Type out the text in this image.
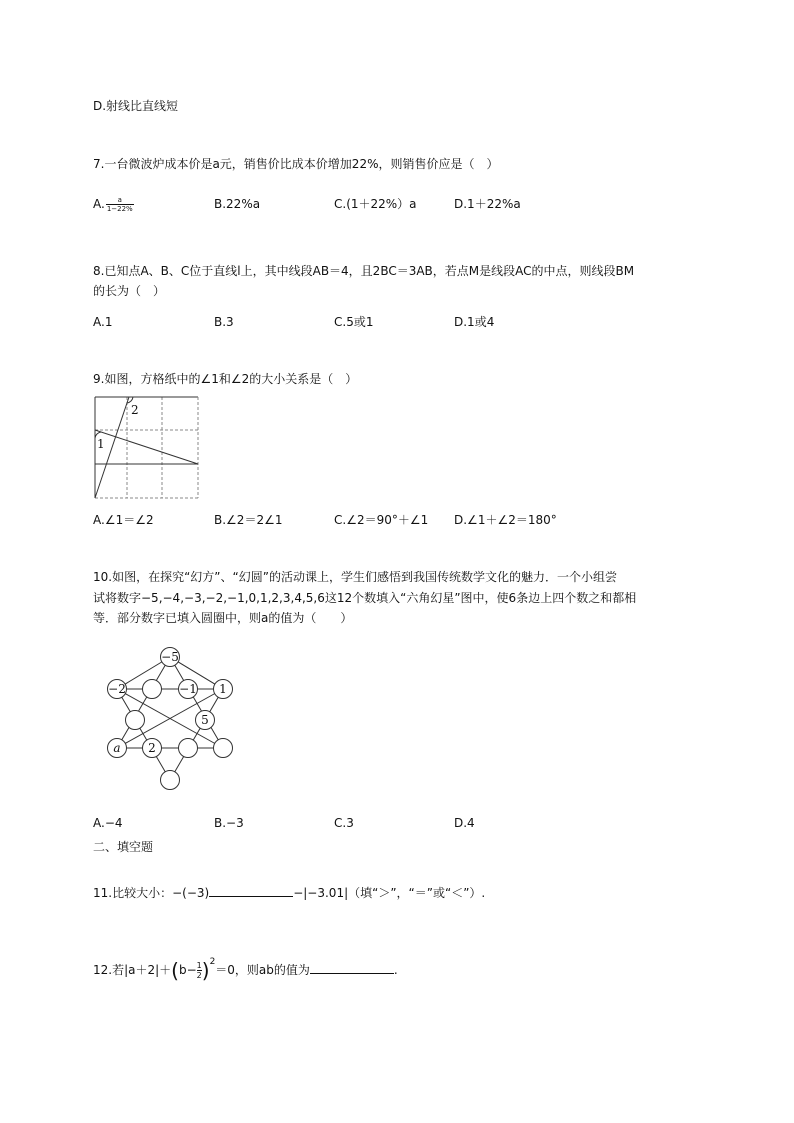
D.射线比直线短
7.一台微波炉成本价是a元，销售价比成本价增加22%，则销售价应是（　）
A. $\frac{a}{1-22\%}$	B.22%a	C.(1＋22%）a	D.1＋22%a
8.已知点A、B、C位于直线l上，其中线段AB＝4，且2BC＝3AB，若点M是线段AC的中点，则线段BM
的长为（　）
A.1	B.3	C.5或1	D.1或4
9.如图，方格纸中的∠1和∠2的大小关系是（　）
1
2
A.∠1＝∠2	B.∠2＝2∠1	C.∠2＝90°＋∠1 D.∠1＋∠2＝180°
10.如图，在探究“幻方”、“幻圆”的活动课上，学生们感悟到我国传统数学文化的魅力．一个小组尝
试将数字−5,−4,−3,−2,−1,0,1,2,3,4,5,6这12个数填入“六角幻星”图中，使6条边上四个数之和都相
等．部分数字已填入圆圈中，则a的值为（　　）
−5
−2	−1 1
5
a 2
A.−4	B.−3	C.3	D.4
二、填空题
11.比较大小：−(−3)	−|−3.01|（填“＞”，“＝”或“＜”）.
12.若$|a+2|+(b- \frac{1}{2})^2=0$，则ab的值为	.
